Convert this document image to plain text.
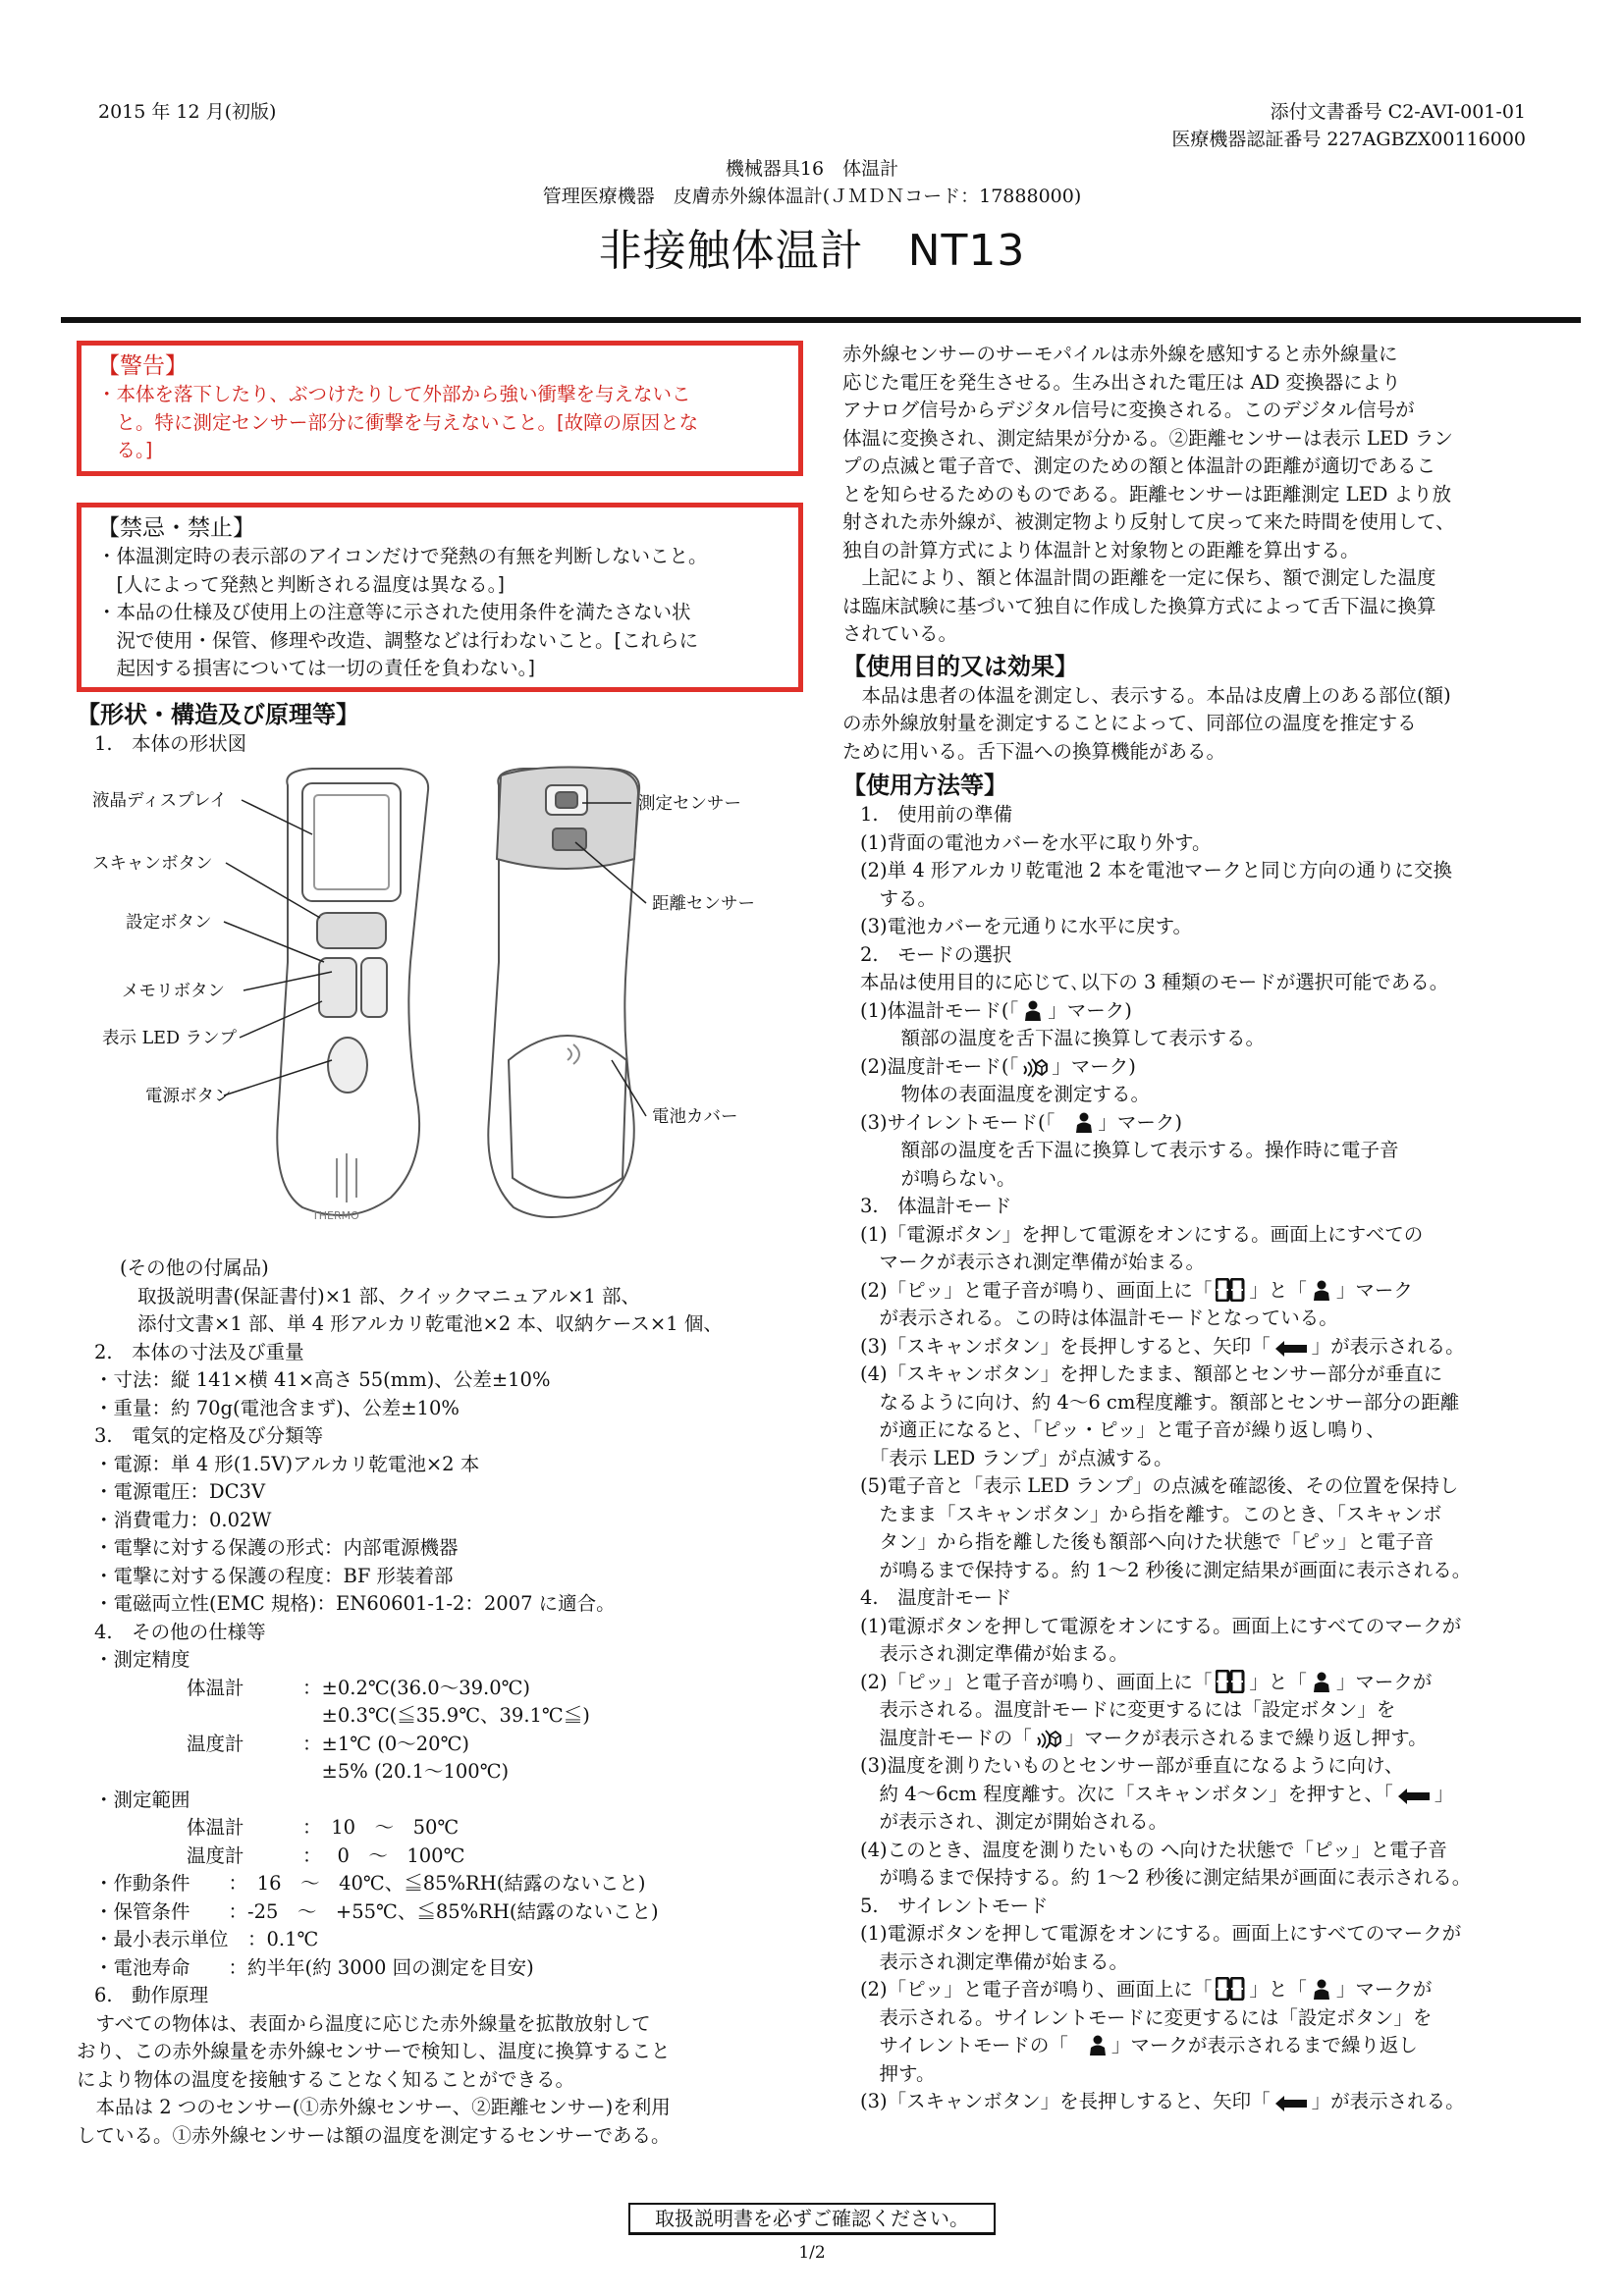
2015 年 12 月(初版)	添付文書番号 C2-AVI-001-01
医療機器認証番号 227AGBZX00116000
機械器具16　体温計
管理医療機器　皮膚赤外線体温計(ＪＭＤＮコード：17888000)
非接触体温計　NT13
【警告】
・本体を落下したり、ぶつけたりして外部から強い衝撃を与えないこ
　と。特に測定センサー部分に衝撃を与えないこと。[故障の原因とな
　る。]
【禁忌・禁止】
・体温測定時の表示部のアイコンだけで発熱の有無を判断しないこと。
　[人によって発熱と判断される温度は異なる。]
・本品の仕様及び使用上の注意等に示された使用条件を満たさない状
　況で使用・保管、修理や改造、調整などは行わないこと。[これらに
　起因する損害については一切の責任を負わない。]
【形状・構造及び原理等】
1.　本体の形状図
THERMO
液晶ディスプレイ
スキャンボタン
設定ボタン
メモリボタン
表示 LED ランプ
電源ボタン
測定センサー
距離センサー
電池カバー
(その他の付属品)
取扱説明書(保証書付)×1 部、クイックマニュアル×1 部、
添付文書×1 部、単 4 形アルカリ乾電池×2 本、収納ケース×1 個、
2.　本体の寸法及び重量
・寸法：縦 141×横 41×高さ 55(mm)、公差±10%
・重量：約 70g(電池含まず)、公差±10%
3.　電気的定格及び分類等
・電源：単 4 形(1.5V)アルカリ乾電池×2 本
・電源電圧：DC3V
・消費電力：0.02W
・電撃に対する保護の形式：内部電源機器
・電撃に対する保護の程度：BF 形装着部
・電磁両立性(EMC 規格)：EN60601-1-2：2007 に適合。
4.　その他の仕様等
・測定精度
体温計	：±0.2℃(36.0～39.0℃)
　±0.3℃(≦35.9℃、39.1℃≦)
温度計	：±1℃ (0～20℃)
　±5% (20.1～100℃)
・測定範囲
体温計	：　10　～　50℃
温度計	：　 0　～　100℃
・作動条件　　：　16　～　40℃、≦85%RH(結露のないこと)
・保管条件　　：-25　～　+55℃、≦85%RH(結露のないこと)
・最小表示単位　：0.1℃
・電池寿命　　：約半年(約 3000 回の測定を目安)
6.　動作原理
　すべての物体は、表面から温度に応じた赤外線量を拡散放射して
おり、この赤外線量を赤外線センサーで検知し、温度に換算すること
により物体の温度を接触することなく知ることができる。
　本品は 2 つのセンサー(①赤外線センサー、②距離センサー)を利用
している。①赤外線センサーは額の温度を測定するセンサーである。
赤外線センサーのサーモパイルは赤外線を感知すると赤外線量に
応じた電圧を発生させる。生み出された電圧は AD 変換器により
アナログ信号からデジタル信号に変換される。このデジタル信号が
体温に変換され、測定結果が分かる。②距離センサーは表示 LED ラン
プの点滅と電子音で、測定のための額と体温計の距離が適切であるこ
とを知らせるためのものである。距離センサーは距離測定 LED より放
射された赤外線が、被測定物より反射して戻って来た時間を使用して、
独自の計算方式により体温計と対象物との距離を算出する。
　上記により、額と体温計間の距離を一定に保ち、額で測定した温度
は臨床試験に基づいて独自に作成した換算方式によって舌下温に換算
されている。
【使用目的又は効果】
　本品は患者の体温を測定し、表示する。本品は皮膚上のある部位(額)
の赤外線放射量を測定することによって、同部位の温度を推定する
ために用いる。舌下温への換算機能がある。
【使用方法等】
1.　使用前の準備
(1)背面の電池カバーを水平に取り外す。
(2)単 4 形アルカリ乾電池 2 本を電池マークと同じ方向の通りに交換
　する。
(3)電池カバーを元通りに水平に戻す。
2.　モードの選択
本品は使用目的に応じて､以下の 3 種類のモードが選択可能である。
(1)体温計モード(「 」マーク)
　額部の温度を舌下温に換算して表示する。
(2)温度計モード(「 」マーク)
　物体の表面温度を測定する。
(3)サイレントモード(「 」マーク)
　額部の温度を舌下温に換算して表示する。操作時に電子音
　が鳴らない。
3.　体温計モード
(1)「電源ボタン」を押して電源をオンにする。画面上にすべての
　マークが表示され測定準備が始まる。
(2)「ピッ」と電子音が鳴り、画面上に「 」と「 」マーク
　が表示される。この時は体温計モードとなっている。
(3)「スキャンボタン」を長押しすると、矢印「 」が表示される。
(4)「スキャンボタン」を押したまま、額部とセンサー部分が垂直に
　なるように向け、約 4～6 cm程度離す。額部とセンサー部分の距離
　が適正になると、「ピッ・ピッ」と電子音が繰り返し鳴り、
　「表示 LED ランプ」が点滅する。
(5)電子音と「表示 LED ランプ」の点滅を確認後、その位置を保持し
　たまま「スキャンボタン」から指を離す。このとき、「スキャンボ
　タン」から指を離した後も額部へ向けた状態で「ピッ」と電子音
　が鳴るまで保持する。約 1～2 秒後に測定結果が画面に表示される。
4.　温度計モード
(1)電源ボタンを押して電源をオンにする。画面上にすべてのマークが
　表示され測定準備が始まる。
(2)「ピッ」と電子音が鳴り、画面上に「 」と「 」マークが
　表示される。温度計モードに変更するには「設定ボタン」を
　温度計モードの「 」マークが表示されるまで繰り返し押す。
(3)温度を測りたいものとセンサー部が垂直になるように向け、
　約 4～6cm 程度離す。次に「スキャンボタン」を押すと、「 」
　が表示され、測定が開始される。
(4)このとき、温度を測りたいもの へ向けた状態で「ピッ」と電子音
　が鳴るまで保持する。約 1～2 秒後に測定結果が画面に表示される。
5.　サイレントモード
(1)電源ボタンを押して電源をオンにする。画面上にすべてのマークが
　表示され測定準備が始まる。
(2)「ピッ」と電子音が鳴り、画面上に「 」と「 」マークが
　表示される。サイレントモードに変更するには「設定ボタン」を
　サイレントモードの「 」マークが表示されるまで繰り返し
　押す。
(3)「スキャンボタン」を長押しすると、矢印「 」が表示される。
取扱説明書を必ずご確認ください。
1/2
